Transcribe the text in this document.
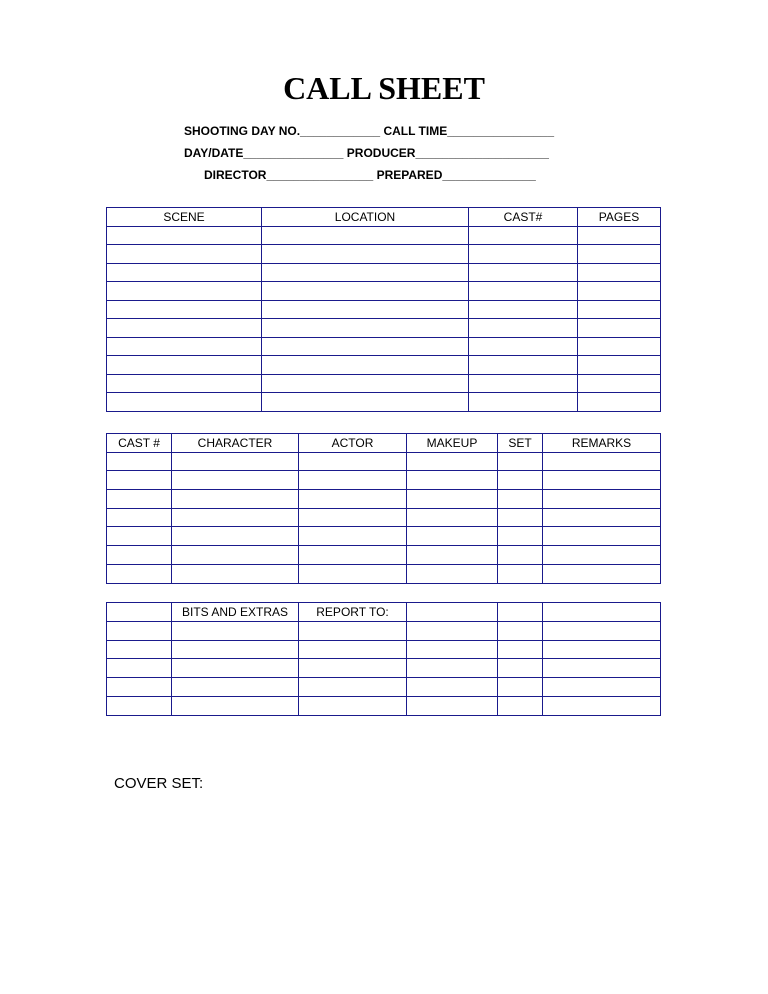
CALL SHEET
SHOOTING DAY NO.____________ CALL TIME________________
DAY/DATE_______________ PRODUCER____________________
DIRECTOR________________ PREPARED______________
SCENE	LOCATION	CAST#	PAGES

CAST #	CHARACTER	ACTOR	MAKEUP	SET	REMARKS

	BITS AND EXTRAS	REPORT TO:			

COVER SET:
